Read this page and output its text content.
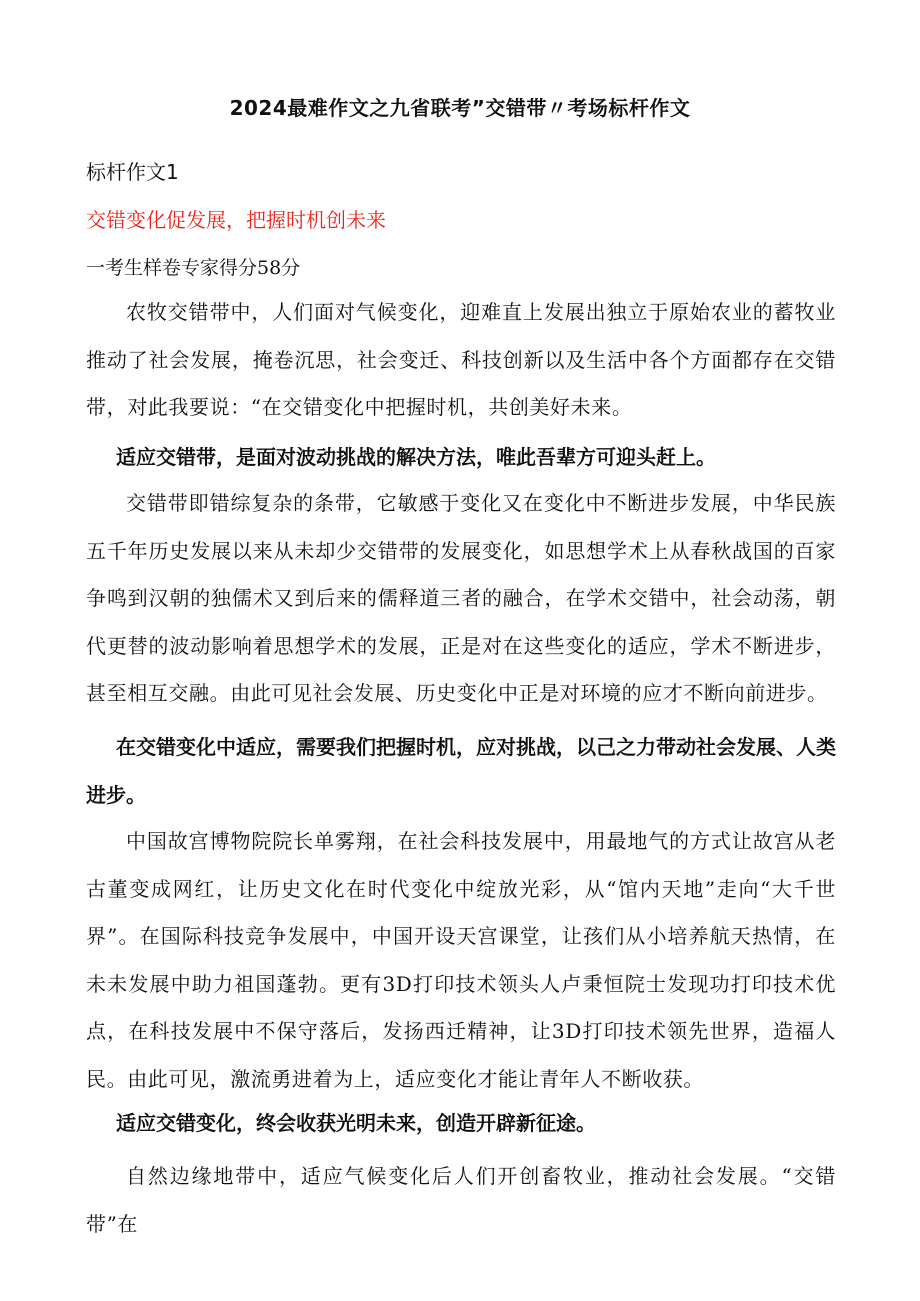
2024最难作文之九省联考”交错带〃考场标杆作文
标杆作文1
交错变化促发展，把握时机创未来
一考生样卷专家得分58分

农牧交错带中，人们面对气候变化，迎难直上发展出独立于原始农业的蓄牧业推动了社会发展，掩卷沉思，社会变迁、科技创新以及生活中各个方面都存在交错带，对此我要说：“在交错变化中把握时机，共创美好未来。

适应交错带，是面对波动挑战的解决方法，唯此吾辈方可迎头赶上。

交错带即错综复杂的条带，它敏感于变化又在变化中不断进步发展，中华民族五千年历史发展以来从未却少交错带的发展变化，如思想学术上从春秋战国的百家争鸣到汉朝的独儒术又到后来的儒释道三者的融合，在学术交错中，社会动荡，朝代更替的波动影响着思想学术的发展，正是对在这些变化的适应，学术不断进步，甚至相互交融。由此可见社会发展、历史变化中正是对环境的应才不断向前进步。

在交错变化中适应，需要我们把握时机，应对挑战，以己之力带动社会发展、人类进步。

中国故宫博物院院长单雾翔，在社会科技发展中，用最地气的方式让故宫从老古董变成网红，让历史文化在时代变化中绽放光彩，从“馆内天地”走向“大千世界”。在国际科技竞争发展中，中国开设天宫课堂，让孩们从小培养航天热情，在未未发展中助力祖国蓬勃。更有3D打印技术领头人卢秉恒院士发现功打印技术优点，在科技发展中不保守落后，发扬西迁精神，让3D打印技术领先世界，造福人民。由此可见，激流勇进着为上，适应变化才能让青年人不断收获。

适应交错变化，终会收获光明未来，创造开辟新征途。

自然边缘地带中，适应气候变化后人们开创畜牧业，推动社会发展。“交错带”在
